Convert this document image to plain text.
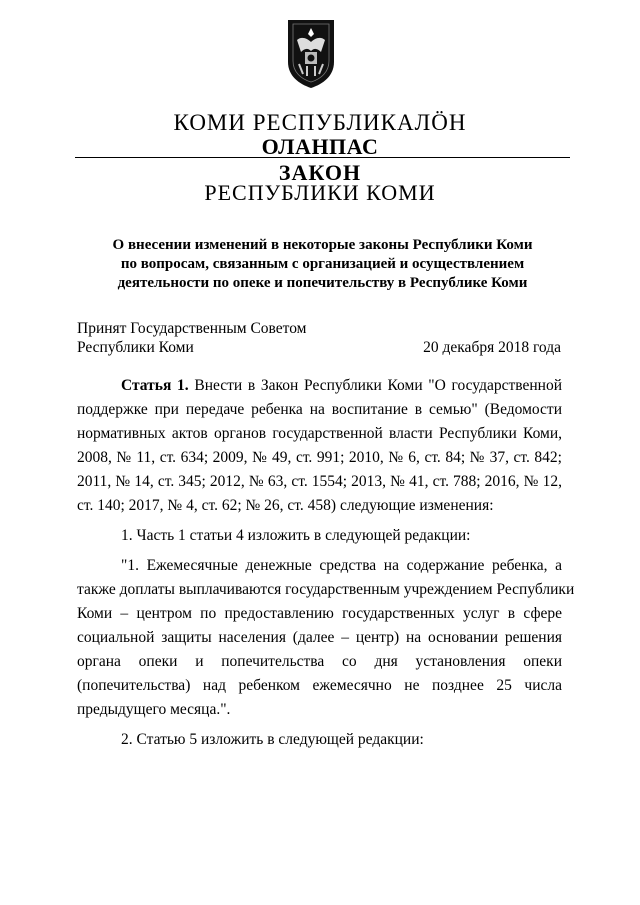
КОМИ РЕСПУБЛИКАЛӦН
ОЛАНПАС
ЗАКОН
РЕСПУБЛИКИ КОМИ
О внесении изменений в некоторые законы Республики Коми
по вопросам, связанным с организацией и осуществлением
деятельности по опеке и попечительству в Республике Коми
Принят Государственным Советом
Республики Коми	20 декабря 2018 года
Статья 1. Внести в Закон Республики Коми "О государственной
поддержке при передаче ребенка на воспитание в семью" (Ведомости
нормативных актов органов государственной власти Республики Коми,
2008, № 11, ст. 634; 2009, № 49, ст. 991; 2010, № 6, ст. 84; № 37, ст. 842;
2011, № 14, ст. 345; 2012, № 63, ст. 1554; 2013, № 41, ст. 788; 2016, № 12,
ст. 140; 2017, № 4, ст. 62; № 26, ст. 458) следующие изменения:
1. Часть 1 статьи 4 изложить в следующей редакции:
"1. Ежемесячные денежные средства на содержание ребенка, а
также доплаты выплачиваются государственным учреждением Республики
Коми – центром по предоставлению государственных услуг в сфере
социальной защиты населения (далее – центр) на основании решения
органа опеки и попечительства со дня установления опеки
(попечительства) над ребенком ежемесячно не позднее 25 числа
предыдущего месяца.".
2. Статью 5 изложить в следующей редакции:
